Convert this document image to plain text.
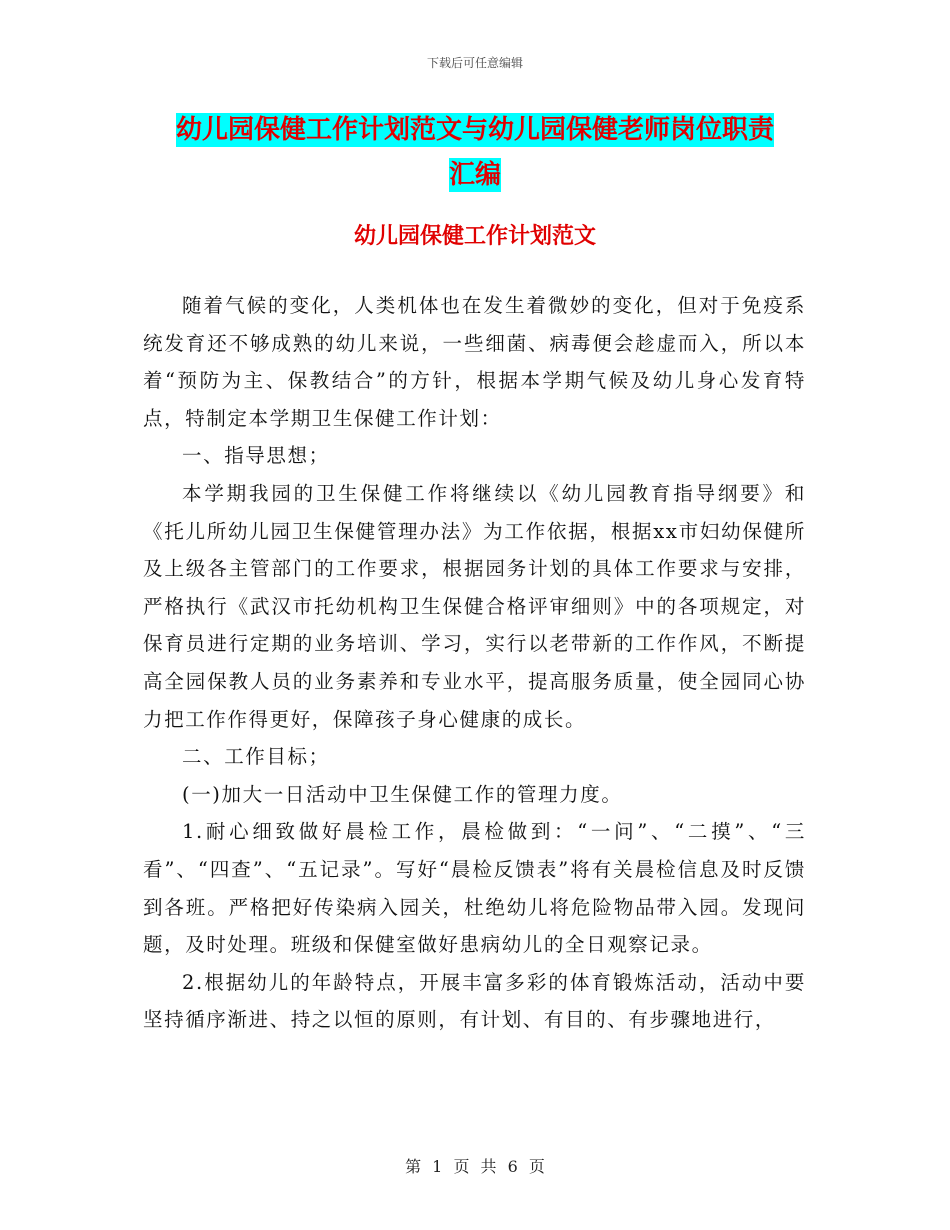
下载后可任意编辑
幼儿园保健工作计划范文与幼儿园保健老师岗位职责
汇编
幼儿园保健工作计划范文

随着气候的变化，人类机体也在发生着微妙的变化，但对于免疫系统发育还不够成熟的幼儿来说，一些细菌、病毒便会趁虚而入，所以本着“预防为主、保教结合”的方针，根据本学期气候及幼儿身心发育特点，特制定本学期卫生保健工作计划：

一、指导思想；

本学期我园的卫生保健工作将继续以《幼儿园教育指导纲要》和《托儿所幼儿园卫生保健管理办法》为工作依据，根据xx市妇幼保健所及上级各主管部门的工作要求，根据园务计划的具体工作要求与安排，严格执行《武汉市托幼机构卫生保健合格评审细则》中的各项规定，对保育员进行定期的业务培训、学习，实行以老带新的工作作风，不断提高全园保教人员的业务素养和专业水平，提高服务质量，使全园同心协力把工作作得更好，保障孩子身心健康的成长。

二、工作目标；

(一)加大一日活动中卫生保健工作的管理力度。

1.耐心细致做好晨检工作，晨检做到：“一问”、“二摸”、“三看”、“四查”、“五记录”。写好“晨检反馈表”将有关晨检信息及时反馈到各班。严格把好传染病入园关，杜绝幼儿将危险物品带入园。发现问题，及时处理。班级和保健室做好患病幼儿的全日观察记录。

2.根据幼儿的年龄特点，开展丰富多彩的体育锻炼活动，活动中要坚持循序渐进、持之以恒的原则，有计划、有目的、有步骤地进行，

第 1 页 共 6 页
